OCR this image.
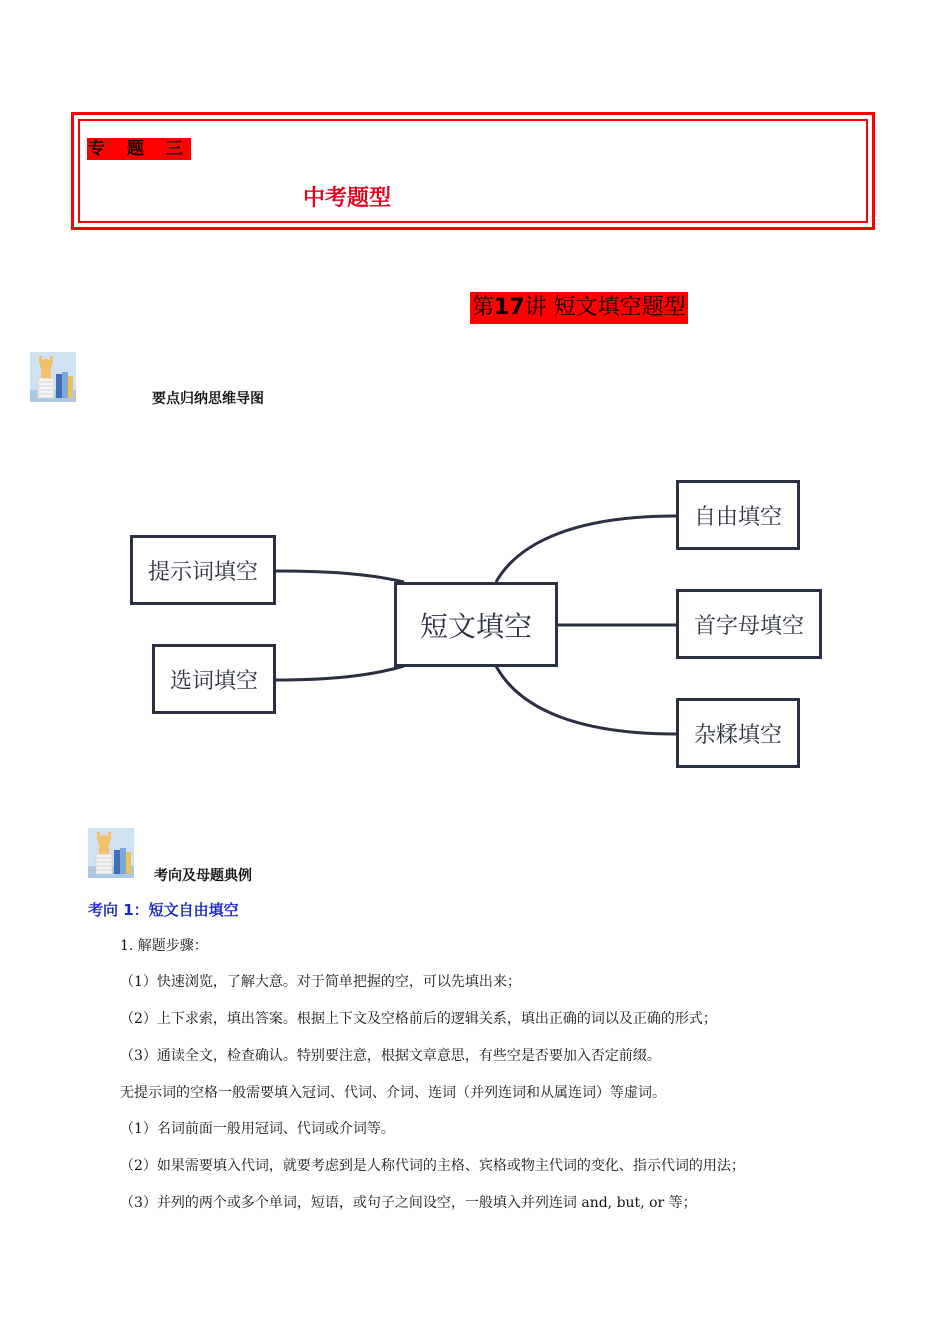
专 题 三
中考题型
第17讲 短文填空题型
要点归纳思维导图
短文填空
提示词填空
选词填空
自由填空
首字母填空
杂糅填空
考向及母题典例
考向 1：短文自由填空
1. 解题步骤：
（1）快速浏览，了解大意。对于简单把握的空，可以先填出来；
（2）上下求索，填出答案。根据上下文及空格前后的逻辑关系，填出正确的词以及正确的形式；
（3）通读全文，检查确认。特别要注意，根据文章意思，有些空是否要加入否定前缀。
无提示词的空格一般需要填入冠词、代词、介词、连词（并列连词和从属连词）等虚词。
（1）名词前面一般用冠词、代词或介词等。
（2）如果需要填入代词，就要考虑到是人称代词的主格、宾格或物主代词的变化、指示代词的用法；
（3）并列的两个或多个单词，短语，或句子之间设空，一般填入并列连词 and, but, or 等；
